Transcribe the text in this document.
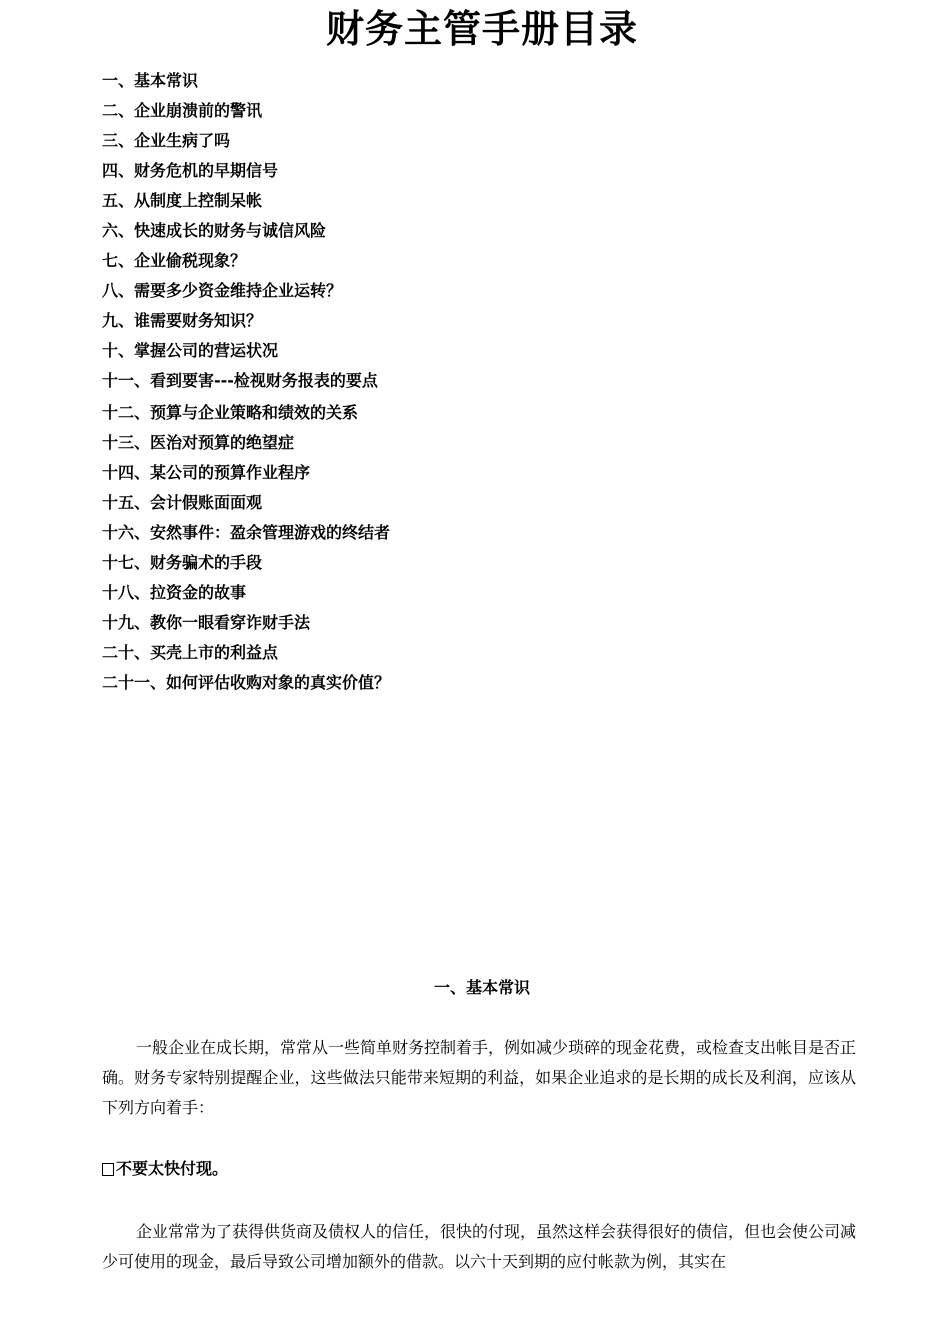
财务主管手册目录
一、基本常识
二、企业崩溃前的警讯
三、企业生病了吗
四、财务危机的早期信号
五、从制度上控制呆帐
六、快速成长的财务与诚信风险
七、企业偷税现象？
八、需要多少资金维持企业运转？
九、谁需要财务知识？
十、掌握公司的营运状况
十一、看到要害---检视财务报表的要点
十二、预算与企业策略和绩效的关系
十三、医治对预算的绝望症
十四、某公司的预算作业程序
十五、会计假账面面观
十六、安然事件：盈余管理游戏的终结者
十七、财务骗术的手段
十八、拉资金的故事
十九、教你一眼看穿诈财手法
二十、买壳上市的利益点
二十一、如何评估收购对象的真实价值？
一、基本常识

一般企业在成长期，常常从一些简单财务控制着手，例如减少琐碎的现金花费，或检查支出帐目是否正确。财务专家特别提醒企业，这些做法只能带来短期的利益，如果企业追求的是长期的成长及利润，应该从下列方向着手：

不要太快付现。

企业常常为了获得供货商及债权人的信任，很快的付现，虽然这样会获得很好的债信，但也会使公司减少可使用的现金，最后导致公司增加额外的借款。以六十天到期的应付帐款为例，其实在
